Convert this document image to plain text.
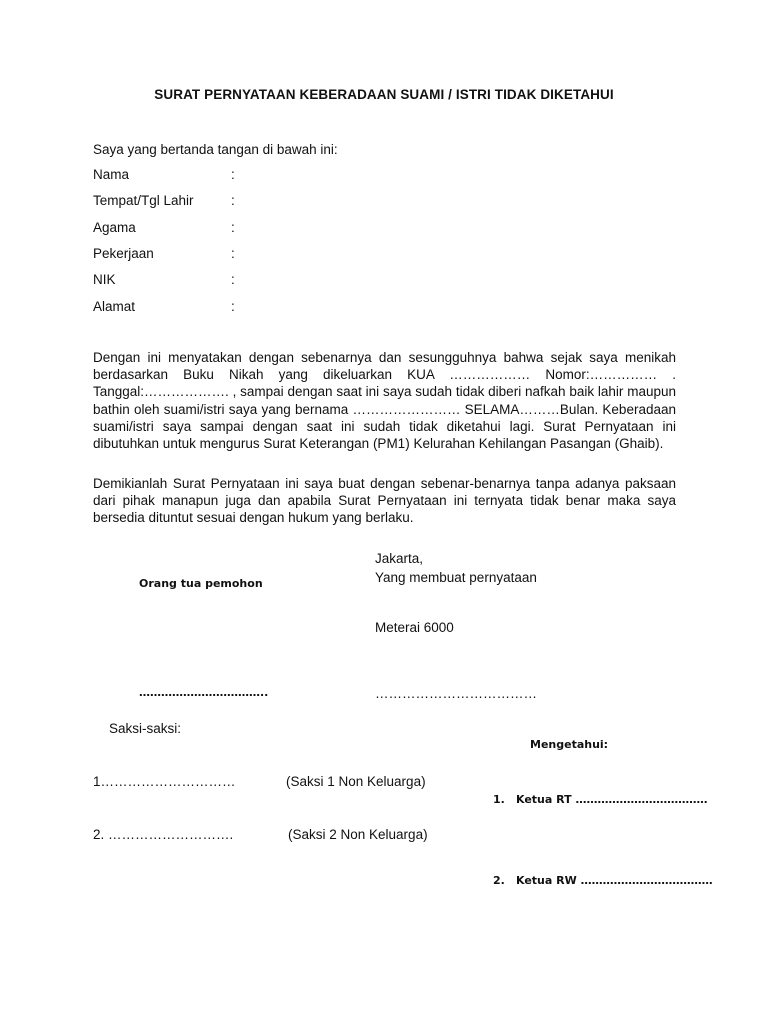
SURAT PERNYATAAN KEBERADAAN SUAMI / ISTRI TIDAK DIKETAHUI
Saya yang bertanda tangan di bawah ini:
Nama	:
Tempat/Tgl Lahir	:
Agama	:
Pekerjaan	:
NIK	:
Alamat	:

Dengan ini menyatakan dengan sebenarnya dan sesungguhnya bahwa sejak saya menikah berdasarkan Buku Nikah yang dikeluarkan KUA ……………… Nomor:…………… . Tanggal:………………. , sampai dengan saat ini saya sudah tidak diberi nafkah baik lahir maupun bathin oleh suami/istri saya yang bernama …………………… SELAMA………Bulan. Keberadaan suami/istri saya sampai dengan saat ini sudah tidak diketahui lagi. Surat Pernyataan ini dibutuhkan untuk mengurus Surat Keterangan (PM1) Kelurahan Kehilangan Pasangan (Ghaib).

Demikianlah Surat Pernyataan ini saya buat dengan sebenar-benarnya tanpa adanya paksaan dari pihak manapun juga dan apabila Surat Pernyataan ini ternyata tidak benar maka saya bersedia dituntut sesuai dengan hukum yang berlaku.

Jakarta,
Yang membuat pernyataan
Orang tua pemohon
Meterai 6000
……………………………..	………………………………
Saksi-saksi:
Mengetahui:
1…………………………	(Saksi 1 Non Keluarga)
1. Ketua RT ………………………………
2. ……………………….	(Saksi 2 Non Keluarga)
2. Ketua RW ………………………………
